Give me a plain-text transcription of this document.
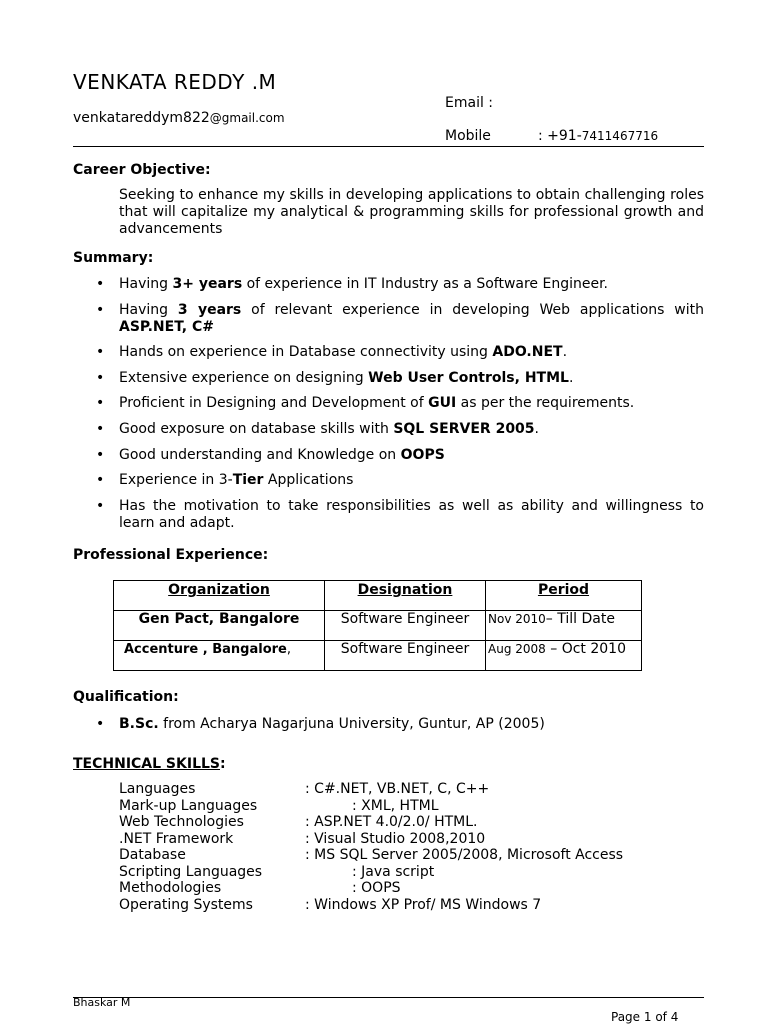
VENKATA REDDY .M
Email :
venkatareddym822@gmail.com
Mobile	: +91-7411467716
Career Objective:
Seeking to enhance my skills in developing applications to obtain challenging roles that will capitalize my analytical & programming skills for professional growth and advancements
Summary:
• Having 3+ years of experience in IT Industry as a Software Engineer.
• Having 3 years of relevant experience in developing Web applications with ASP.NET, C#
• Hands on experience in Database connectivity using ADO.NET.
• Extensive experience on designing Web User Controls, HTML.
• Proficient in Designing and Development of GUI as per the requirements.
• Good exposure on database skills with SQL SERVER 2005.
• Good understanding and Knowledge on OOPS
• Experience in 3-Tier Applications
• Has the motivation to take responsibilities as well as ability and willingness to learn and adapt.
Professional Experience:
Organization	Designation	Period
Gen Pact, Bangalore	Software Engineer	Nov 2010– Till Date
Accenture , Bangalore,	Software Engineer	Aug 2008 – Oct 2010
Qualification:
• B.Sc. from Acharya Nagarjuna University, Guntur, AP (2005)
TECHNICAL SKILLS:
Languages	: C#.NET, VB.NET, C, C++
Mark-up Languages	: XML, HTML
Web Technologies	: ASP.NET 4.0/2.0/ HTML.
.NET Framework	: Visual Studio 2008,2010
Database	: MS SQL Server 2005/2008, Microsoft Access
Scripting Languages	: Java script
Methodologies	: OOPS
Operating Systems	: Windows XP Prof/ MS Windows 7
Bhaskar M
Page 1 of 4
